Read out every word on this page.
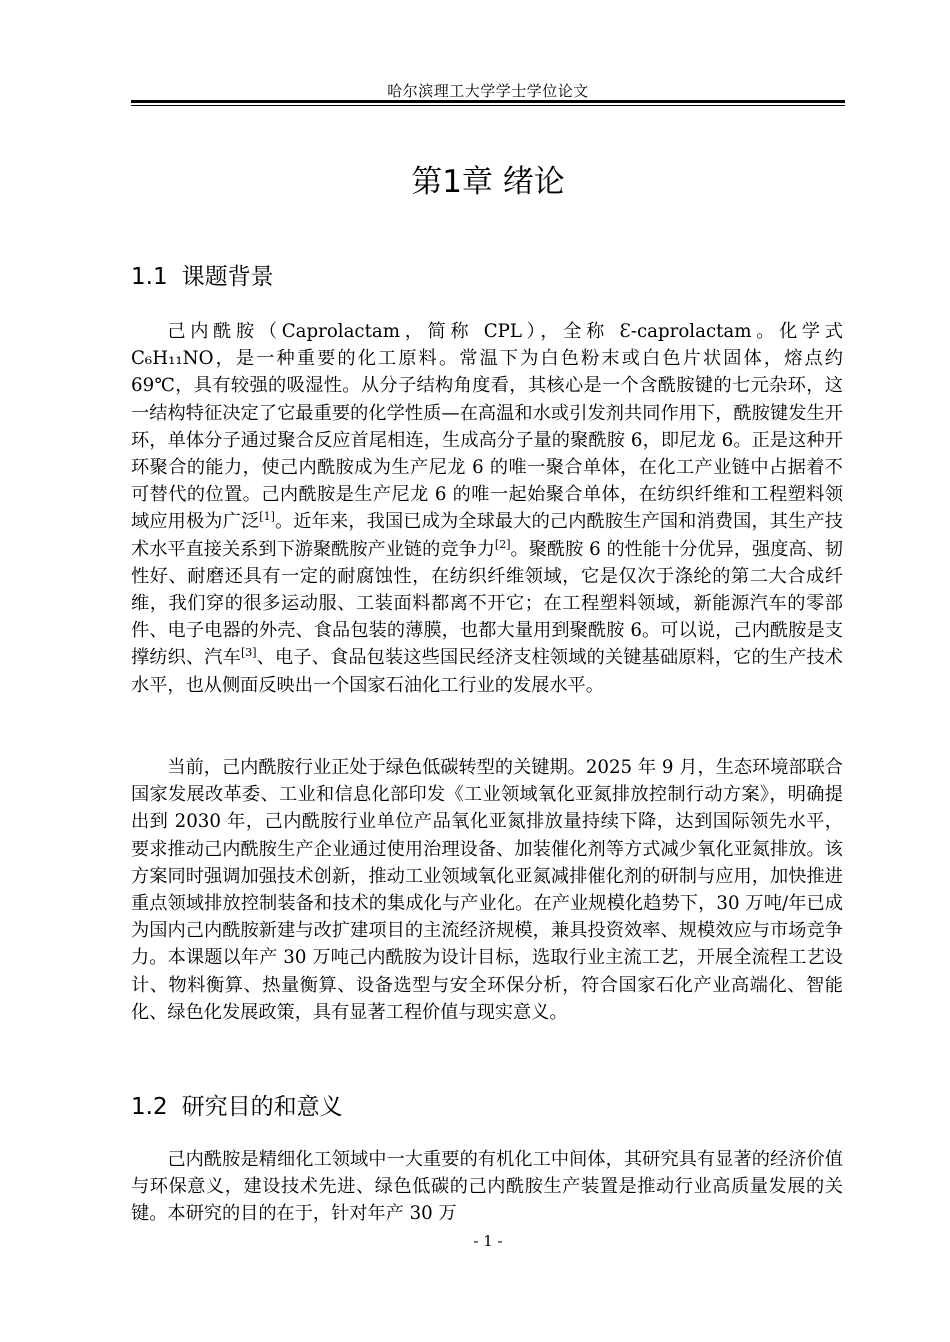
哈尔滨理工大学学士学位论文
第1章 绪论
1.1 课题背景

己内酰胺（Caprolactam，简称 CPL），全称 Ɛ-caprolactam。化学式 C₆H₁₁NO，是一种重要的化工原料。常温下为白色粉末或白色片状固体，熔点约 69℃，具有较强的吸湿性。从分子结构角度看，其核心是一个含酰胺键的七元杂环，这一结构特征决定了它最重要的化学性质—在高温和水或引发剂共同作用下，酰胺键发生开环，单体分子通过聚合反应首尾相连，生成高分子量的聚酰胺 6，即尼龙 6。正是这种开环聚合的能力，使己内酰胺成为生产尼龙 6 的唯一聚合单体，在化工产业链中占据着不可替代的位置。己内酰胺是生产尼龙 6 的唯一起始聚合单体，在纺织纤维和工程塑料领域应用极为广泛[1]。近年来，我国已成为全球最大的己内酰胺生产国和消费国，其生产技术水平直接关系到下游聚酰胺产业链的竞争力[2]。聚酰胺 6 的性能十分优异，强度高、韧性好、耐磨还具有一定的耐腐蚀性，在纺织纤维领域，它是仅次于涤纶的第二大合成纤维，我们穿的很多运动服、工装面料都离不开它；在工程塑料领域，新能源汽车的零部件、电子电器的外壳、食品包装的薄膜，也都大量用到聚酰胺 6。可以说，己内酰胺是支撑纺织、汽车[3]、电子、食品包装这些国民经济支柱领域的关键基础原料，它的生产技术水平，也从侧面反映出一个国家石油化工行业的发展水平。

当前，己内酰胺行业正处于绿色低碳转型的关键期。2025 年 9 月，生态环境部联合国家发展改革委、工业和信息化部印发《工业领域氧化亚氮排放控制行动方案》，明确提出到 2030 年，己内酰胺行业单位产品氧化亚氮排放量持续下降，达到国际领先水平，要求推动己内酰胺生产企业通过使用治理设备、加装催化剂等方式减少氧化亚氮排放。该方案同时强调加强技术创新，推动工业领域氧化亚氮减排催化剂的研制与应用，加快推进重点领域排放控制装备和技术的集成化与产业化。在产业规模化趋势下，30 万吨/年已成为国内己内酰胺新建与改扩建项目的主流经济规模，兼具投资效率、规模效应与市场竞争力。本课题以年产 30 万吨己内酰胺为设计目标，选取行业主流工艺，开展全流程工艺设计、物料衡算、热量衡算、设备选型与安全环保分析，符合国家石化产业高端化、智能化、绿色化发展政策，具有显著工程价值与现实意义。

1.2 研究目的和意义

己内酰胺是精细化工领域中一大重要的有机化工中间体，其研究具有显著的经济价值与环保意义，建设技术先进、绿色低碳的己内酰胺生产装置是推动行业高质量发展的关键。本研究的目的在于，针对年产 30 万

- 1 -
